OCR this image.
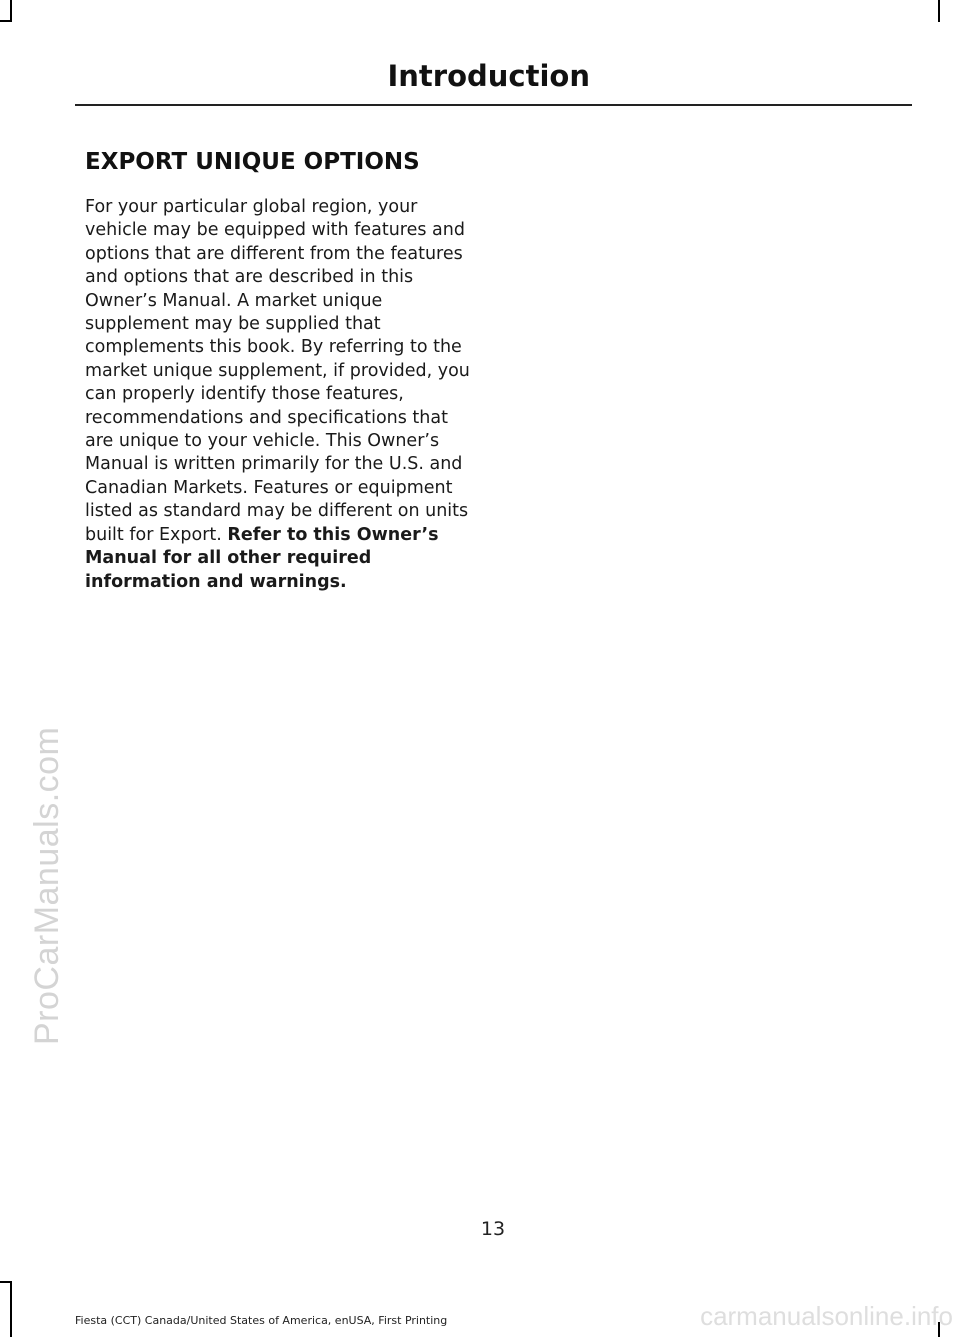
Introduction
ProCarManuals.com
EXPORT UNIQUE OPTIONS

For your particular global region, your vehicle may be equipped with features and options that are different from the features and options that are described in this Owner’s Manual. A market unique supplement may be supplied that complements this book. By referring to the market unique supplement, if provided, you can properly identify those features, recommendations and specifications that are unique to your vehicle. This Owner’s Manual is written primarily for the U.S. and Canadian Markets. Features or equipment listed as standard may be different on units built for Export. Refer to this Owner’s Manual for all other required information and warnings.

13
Fiesta (CCT) Canada/United States of America, enUSA, First Printing	carmanualsonline.info
